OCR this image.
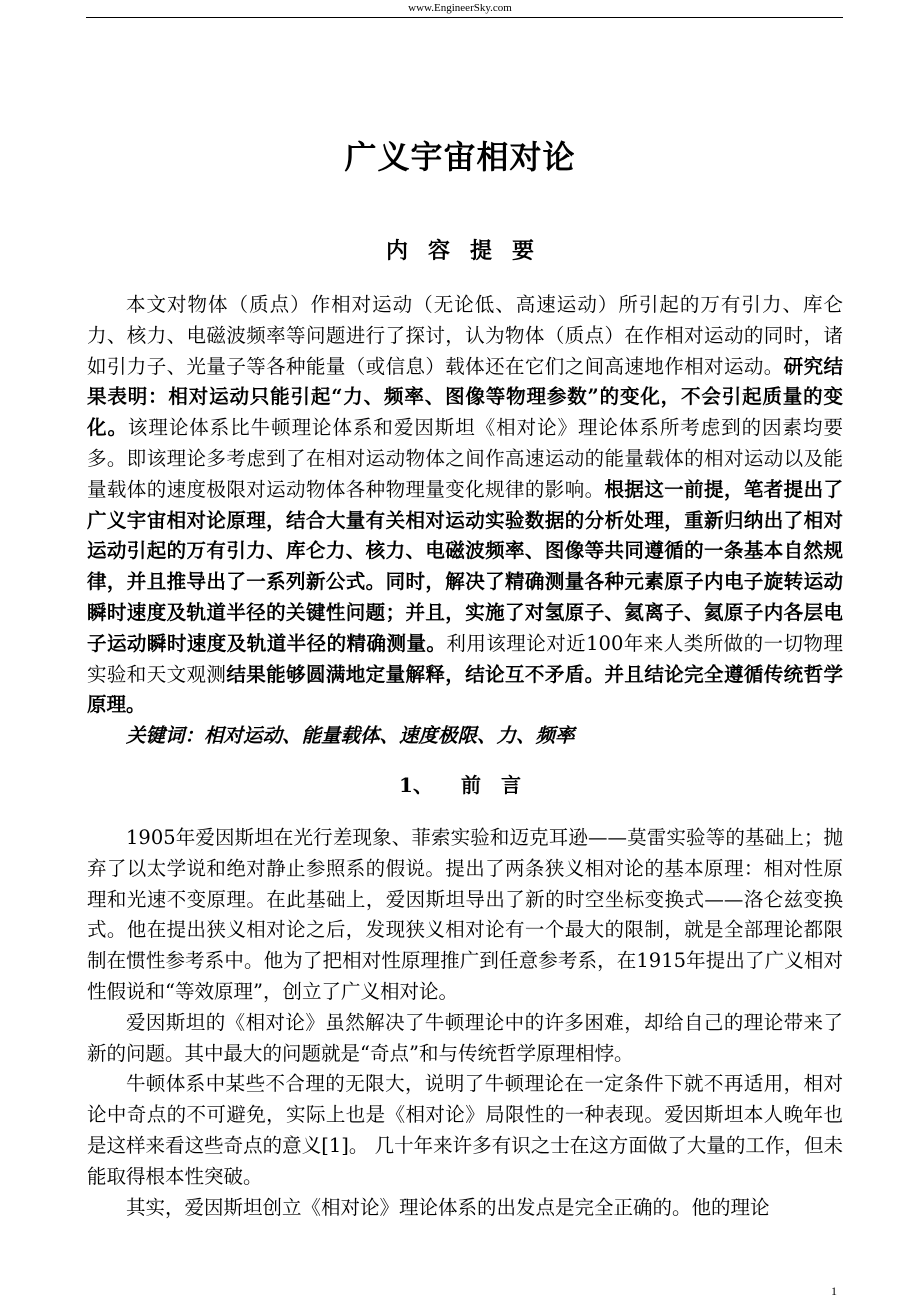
www.EngineerSky.com
广义宇宙相对论
内容提要

本文对物体（质点）作相对运动（无论低、高速运动）所引起的万有引力、库仑力、核力、电磁波频率等问题进行了探讨，认为物体（质点）在作相对运动的同时，诸如引力子、光量子等各种能量（或信息）载体还在它们之间高速地作相对运动。研究结果表明：相对运动只能引起“力、频率、图像等物理参数”的变化，不会引起质量的变化。该理论体系比牛顿理论体系和爱因斯坦《相对论》理论体系所考虑到的因素均要多。即该理论多考虑到了在相对运动物体之间作高速运动的能量载体的相对运动以及能量载体的速度极限对运动物体各种物理量变化规律的影响。根据这一前提，笔者提出了广义宇宙相对论原理，结合大量有关相对运动实验数据的分析处理，重新归纳出了相对运动引起的万有引力、库仑力、核力、电磁波频率、图像等共同遵循的一条基本自然规律，并且推导出了一系列新公式。同时，解决了精确测量各种元素原子内电子旋转运动瞬时速度及轨道半径的关键性问题；并且，实施了对氢原子、氦离子、氦原子内各层电子运动瞬时速度及轨道半径的精确测量。利用该理论对近100年来人类所做的一切物理实验和天文观测结果能够圆满地定量解释，结论互不矛盾。并且结论完全遵循传统哲学原理。

关键词：相对运动、能量载体、速度极限、力、频率

1、 前　言

1905年爱因斯坦在光行差现象、菲索实验和迈克耳逊——莫雷实验等的基础上；抛弃了以太学说和绝对静止参照系的假说。提出了两条狭义相对论的基本原理：相对性原理和光速不变原理。在此基础上，爱因斯坦导出了新的时空坐标变换式——洛仑兹变换式。他在提出狭义相对论之后，发现狭义相对论有一个最大的限制，就是全部理论都限制在惯性参考系中。他为了把相对性原理推广到任意参考系，在1915年提出了广义相对性假说和“等效原理”，创立了广义相对论。

爱因斯坦的《相对论》虽然解决了牛顿理论中的许多困难，却给自己的理论带来了新的问题。其中最大的问题就是“奇点”和与传统哲学原理相悖。

牛顿体系中某些不合理的无限大，说明了牛顿理论在一定条件下就不再适用，相对论中奇点的不可避免，实际上也是《相对论》局限性的一种表现。爱因斯坦本人晚年也是这样来看这些奇点的意义[1]。 几十年来许多有识之士在这方面做了大量的工作，但未能取得根本性突破。

其实，爱因斯坦创立《相对论》理论体系的出发点是完全正确的。他的理论

1
